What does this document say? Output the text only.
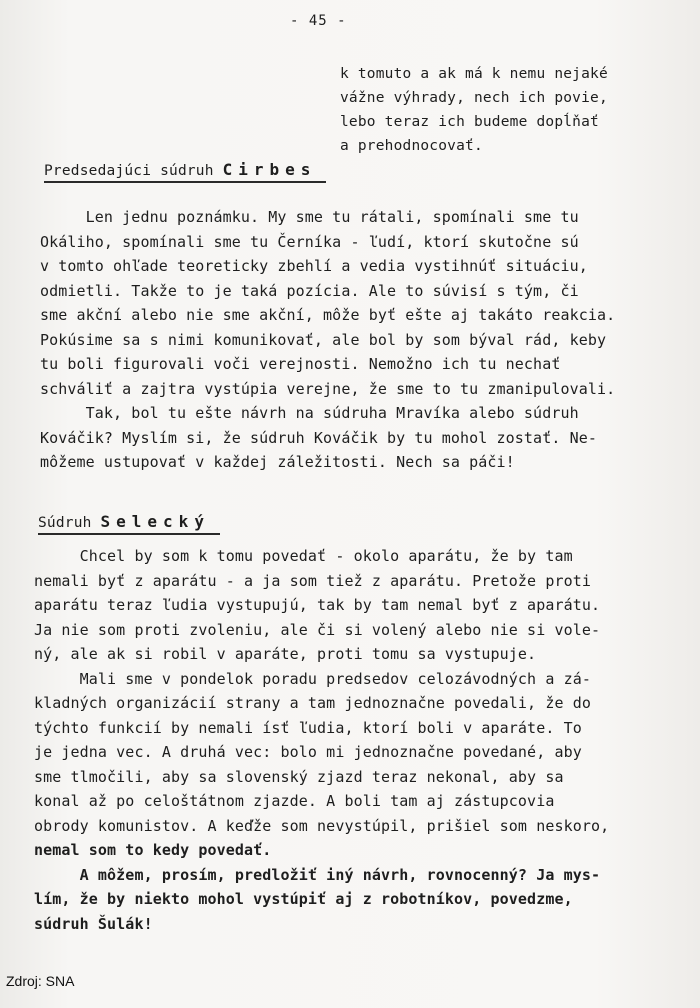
- 45 -
k tomuto a ak má k nemu nejaké
vážne výhrady, nech ich povie,
lebo teraz ich budeme dopĺňať
a prehodnocovať.
Predsedajúci súdruh Cirbes
Len jednu poznámku. My sme tu rátali, spomínali sme tu
Okáliho, spomínali sme tu Černíka - ľudí, ktorí skutočne sú
v tomto ohľade teoreticky zbehlí a vedia vystihnúť situáciu,
odmietli. Takže to je taká pozícia. Ale to súvisí s tým, či
sme akční alebo nie sme akční, môže byť ešte aj takáto reakcia.
Pokúsime sa s nimi komunikovať, ale bol by som býval rád, keby
tu boli figurovali voči verejnosti. Nemožno ich tu nechať
schváliť a zajtra vystúpia verejne, že sme to tu zmanipulovali.
Tak, bol tu ešte návrh na súdruha Mravíka alebo súdruh
Kováčik? Myslím si, že súdruh Kováčik by tu mohol zostať. Ne-
môžeme ustupovať v každej záležitosti. Nech sa páči!
Súdruh Selecký
Chcel by som k tomu povedať - okolo aparátu, že by tam
nemali byť z aparátu - a ja som tiež z aparátu. Pretože proti
aparátu teraz ľudia vystupujú, tak by tam nemal byť z aparátu.
Ja nie som proti zvoleniu, ale či si volený alebo nie si vole-
ný, ale ak si robil v aparáte, proti tomu sa vystupuje.
Mali sme v pondelok poradu predsedov celozávodných a zá-
kladných organizácií strany a tam jednoznačne povedali, že do
týchto funkcií by nemali ísť ľudia, ktorí boli v aparáte. To
je jedna vec. A druhá vec: bolo mi jednoznačne povedané, aby
sme tlmočili, aby sa slovenský zjazd teraz nekonal, aby sa
konal až po celoštátnom zjazde. A boli tam aj zástupcovia
obrody komunistov. A keďže som nevystúpil, prišiel som neskoro,
nemal som to kedy povedať.
A môžem, prosím, predložiť iný návrh, rovnocenný? Ja mys-
lím, že by niekto mohol vystúpiť aj z robotníkov, povedzme,
súdruh Šulák!
Zdroj: SNA
